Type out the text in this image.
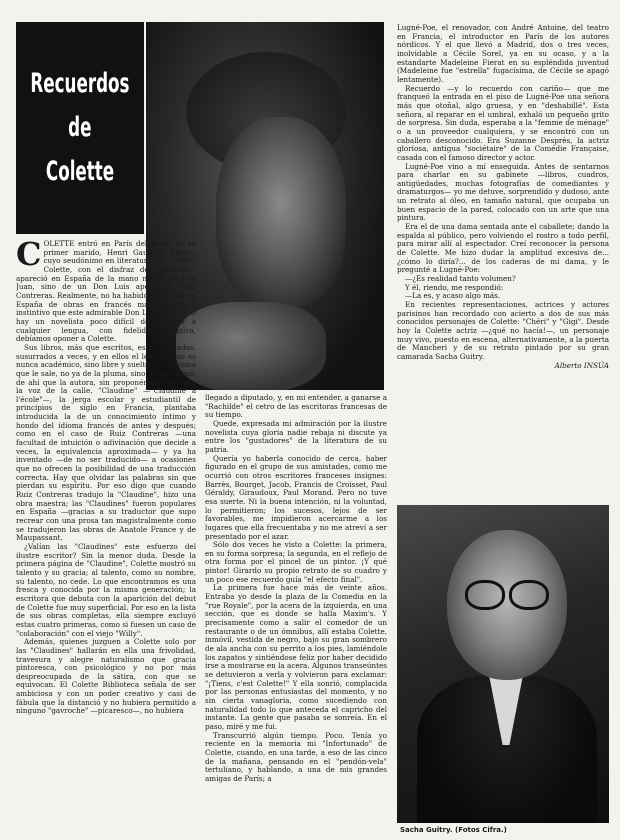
Recuerdos
de
Colette

COLETTE entró en París del brazo de su primer marido, Henri Gauthier Villars, cuyo seudónimo en literatura era "Willy". Colette, con el disfraz de "Claudine", apareció en España de la mano no de un Don Juan, sino de un Don Luis apellidado Ruiz Contreras. Realmente, no ha habido traductor en España de obras en francés más experto e instintivo que este admirable Don Luis. Porque si hay un novelista poco difícil de traducir a cualquier lengua, con fidelidad relativa, debíamos oponer a Colette.

Sus libros, más que escritos, están hablados, susurrados a veces, y en ellos el lenguaje no es nunca académico, sino libre y suelto, en la forma que le sale, no ya de la pluma, sino de los labios; de ahí que la autora, sin proponérselo, buscara la voz de la calle, "Claudine" —"Claudine à l'école"—, la jerga escolar y estudiantil de principios de siglo en Francia, plantaba introducida la de un conocimiento íntimo y hondo del idioma francés de antes y después; como en el caso de Ruiz Contreras —una facultad de intuición o adivinación que decide a veces, la equivalencia aproximada— y ya ha inventado —de no ser traducido— a ocasiones que no ofrecen la posibilidad de una traducción correcta. Hay que olvidar las palabras sin que pierdan su espíritu. Por eso digo que cuando Ruiz Contreras tradujo la "Claudine", hizo una obra maestra; las "Claudines" fueron populares en España —gracias a su traductor que supo recrear con una prosa tan magistralmente como se tradujeron las obras de Anatole France y de Maupassant.

¿Valían las "Claudines" este esfuerzo del ilustre escritor? Sin la menor duda. Desde la primera página de "Claudine", Colette mostró su talento y su gracia; al talento, como su nombre, su talento, no cede. Lo que encontramos es una fresca y conocida por la misma generación; la escritora que debuta con la aparición del debut de Colette fue muy superficial. Por eso en la lista de sus obras completas, ella siempre excluyó estas cuatro primeras, como si fuesen un caso de "colaboración" con el viejo "Willy".

Además, quienes juzguen a Colette solo por las "Claudines" hallarán en ella una frivolidad, travesura y alegre naturalismo que gracia pintoresca, con psicológico y no por más despreocupada de la sátira, con que se equivocan. El Colette Biblioteca señala de ser ambiciosa y con un poder creativo y casi de fábula que la distanció y no hubiera permitido a ninguno "gavroche" —picaresco—, no hubiera

llegado a diputado, y, en mi entender, a ganarse a "Rachilde" el cetro de las escritoras francesas de su tiempo.

Quede, expresada mi admiración por la ilustre novelista cuya gloria nadie rebaja ni discute ya entre los "gustadores" de la literatura de su patria.

Quería yo haberla conocido de cerca, haber figurado en el grupo de sus amistades, como me ocurrió con otros escritores franceses insignes: Barrès, Bourget, Jacob, Francis de Croisset, Paul Géraldy, Giraudoux, Paul Morand. Pero no tuve esa suerte. Ni la buena intención, ni la voluntad, lo permitieron; los sucesos, lejos de ser favorables, me impidieron acercarme a los lugares que ella frecuentaba y no me atreví a ser presentado por el azar.

Sólo dos veces he visto a Colette: la primera, en su forma sorpresa; la segunda, en el reflejo de otra forma por el pincel de un pintor. ¡Y qué pintor! Girardo su propio retrato de su cuadro y un poco ese recuerdo guía "el efecto final".

La primera fue hace más de veinte años. Entraba yo desde la plaza de la Comedia en la "rue Royale", por la acera de la izquierda, en una sección, que es donde se halla Maxim's. Y precisamente como a salir el comedor de un restaurante o de un ómnibus, allí estaba Colette, inmóvil, vestida de negro, bajo su gran sombrero de ala ancha con su perrito a los pies, lamiéndole los zapatos y sintiéndose feliz por haber decidido irse a mostrarse en la acera. Algunos transeúntes se detuvieron a verla y volvieron para exclamar: "¡Tiens, c'est Colette!" Y ella sonrió, complacida por las personas entusiastas del momento, y no sin cierta vanagloria, como sucediendo con naturalidad todo lo que anteceda el capricho del instante. La gente que pasaba se sonreía. En el paso, miré y me fui.

Transcurrió algún tiempo. Poco. Tenía yo reciente en la memoria mi "Infortunado" de Colette, cuando, en una tarde, a eso de las cinco de la mañana, pensando en el "pendón-vela" tertuliano, y hablando, a una de mis grandes amigas de París; a

Lugné-Poe, el renovador, con André Antoine, del teatro en Francia, el introductor en París de los autores nórdicos. Y el que llevó a Madrid, dos o tres veces, inolvidable a Cécile Sorel, ya en su ocaso, y a la estandarte Madeleine Fierat en su espléndida juventud (Madeleine fue "estrella" fugacísima, de Cécile se apagó lentamente).

Recuerdo —y lo recuerdo con cariño— que me franqueó la entrada en el piso de Lugné-Poe una señora más que otoñal, algo gruesa, y en "deshabillé". Esta señora, al reparar en el umbral, exhaló un pequeño grito de sorpresa. Sin duda, esperaba a la "femme de ménage" o a un proveedor cualquiera, y se encontró con un caballero desconocido. Era Suzanne Després, la actriz gloriosa, antigua "sociétaire" de la Comédie Française, casada con el famoso director y actor.

Lugné-Poe vino a mí enseguida. Antes de sentarnos para charlar en su gabinete —libros, cuadros, antigüedades, muchas fotografías de comediantes y dramaturgos— yo me detuve, sorprendido y dudoso, ante un retrato al óleo, en tamaño natural, que ocupaba un buen espacio de la pared, colocado con un arte que una pintura.

Era el de una dama sentada ante el caballete; dando la espalda al público, pero volviendo el rostro a todo perfil, para mirar allí al espectador. Creí reconocer la persona de Colette. Me hizo dudar la amplitud excesiva de... ¿cómo lo diría?... de los caderas de mi dama, y le pregunté a Lugné-Poe:

—¿Es realidad tanto volumen?

Y él, riendo, me respondió:

—La es, y acaso algo más.

En recientes representaciones, actrices y actores parisinos han recordado con acierto a dos de sus más conocidos personajes de Colette: "Chéri" y "Gigi". Desde hoy la Colette actriz —¿qué no hacía!—, un personaje muy vivo, puesto en escena, alternativamente, a la puerta de Mancheri y de su retrato pintado por su gran camarada Sacha Guitry.

Alberto INSÚA

Sacha Guitry. (Fotos Cifra.)
